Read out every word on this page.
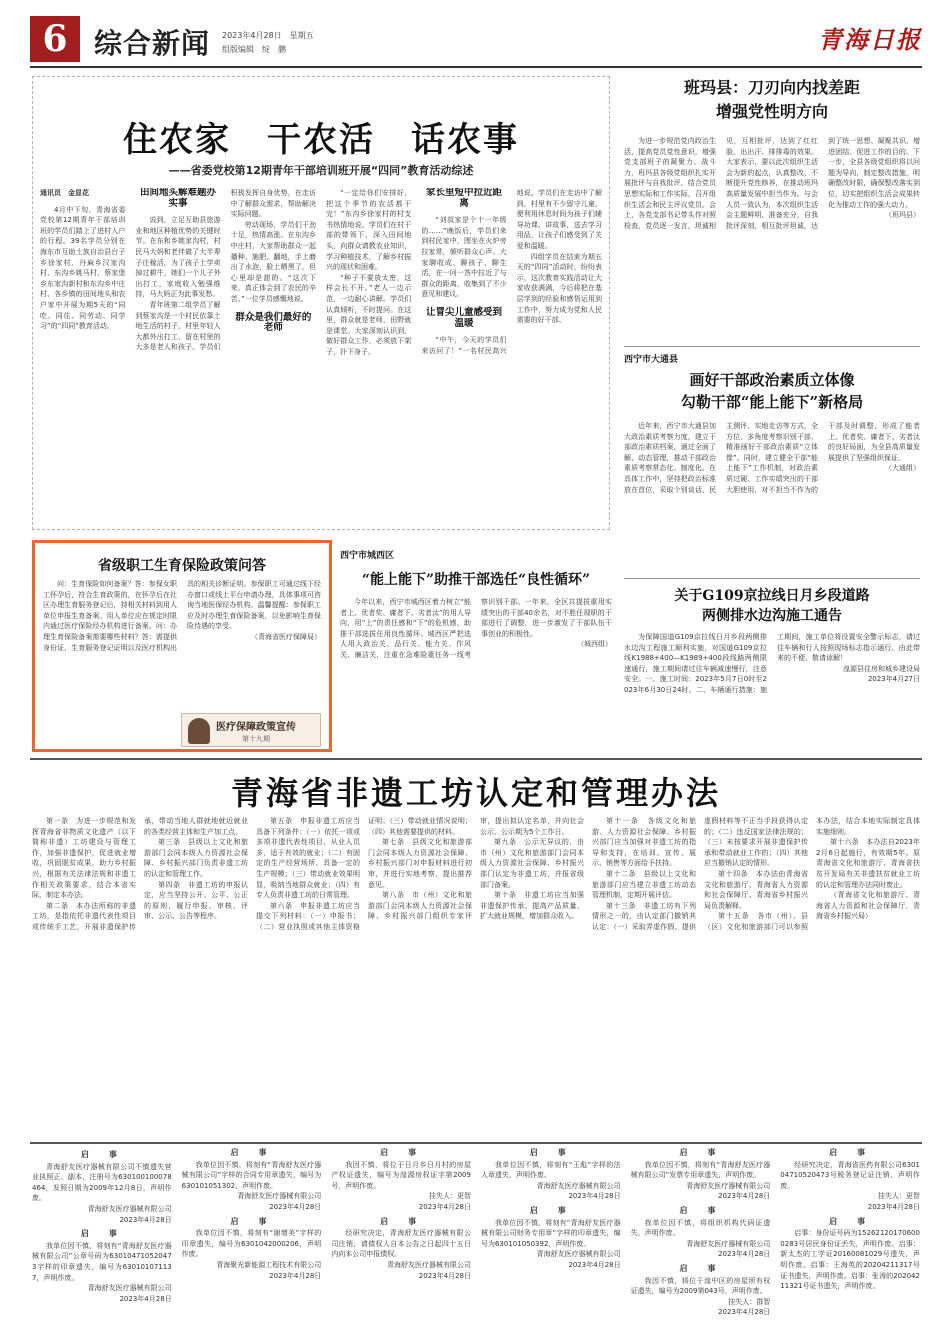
6 综合新闻 2023年4月28日　星期五
组版编辑　绽　鹏	青海日报
住农家　干农活　话农事
——省委党校第12期青年干部培训班开展“四同”教育活动综述
通讯员　金显花

4月中下旬，青海省委党校第12期青年干部培训班的学员们踏上了进村入户的行程。39名学员分别在海东市互助土族自治县台子乡徐家村、丹麻乡汉家沟村、东沟乡姚马村、蔡家堡乡东家沟新村和东沟乡中庄村、各乡镇的田间地头和农户家中开展为期5天的“同吃、同住、同劳动、同学习”的“四同”教育活动。

田间地头解难题办实事

说到，立足互助县旅游业和地区种植优势的关键时节。在东和乡姚家沟村，村民马大妈和老伴做了大半辈子庄稼活，为了孩子上学卖掉过耕牛，她们一个儿子外出打工，家庭收入勉强维持，马大妈正为此事发愁。

青年班第二组学员了解到蔡家沟是一个村民依靠土地生活的村子，村里年轻人大都外出打工，留在村里的大多是老人和孩子。学员们积极发挥自身优势，在走访中了解群众需求，帮助解决实际问题。

劳动现场，学员们干劲十足，热情高涨。在东沟乡中庄村，大家帮助群众一起播种、施肥、翻地，手上磨出了水泡，脸上晒黑了，但心里却是甜的。“这次下来，真正体会到了农民的辛苦。”一位学员感慨地说。

群众是我们最好的老师

“一定给你们安排好，把这个季节的农活都干完！”东沟乡徐家村的村支书热情地说。学员们在村干部的带领下，深入田间地头，向群众请教农业知识，学习种植技术，了解乡村振兴的现状和困难。

“种子不要放太密，这样会长不开。”老人一边示范，一边耐心讲解。学员们认真倾听，不时提问。在这里，群众就是老师，田野就是课堂。大家深刻认识到，做好群众工作，必须放下架子，扑下身子。

家长里短中拉近距离

“刘叔家是个十一年级的……”晚饭后，学员们来到村民家中，围坐在火炉旁拉家常，倾听群众心声。大家聊收成、聊孩子、聊生活，在一问一答中拉近了与群众的距离，收集到了不少意见和建议。

让冒尖儿童感受到温暖

“中午，今天的学员们来访问了！”一名村民高兴地说。学员们在走访中了解到，村里有不少留守儿童，便利用休息时间为孩子们辅导功课、讲故事，送去学习用品，让孩子们感受到了关爱和温暖。

四组学员在结束为期五天的“四同”活动时，纷纷表示，这次教育实践活动让大家收获满满，今后将把在基层学到的经验和感悟运用到工作中，努力成为党和人民需要的好干部。

班玛县：刀刃向内找差距
增强党性明方向

为进一步规范党内政治生活，提高党员党性意识，增强党支部班子的凝聚力、战斗力，班玛县各级党组织扎实开展批评与自我批评，结合党员思想实际和工作实际，召开组织生活会和民主评议党员。会上，各党支部书记带头作对照检查，党员逐一发言，坦诚相见，互相批评，达到了红红脸、出出汗、排排毒的效果。大家表示，要以此次组织生活会为新的起点，认真整改，不断提升党性修养，在推动班玛高质量发展中担当作为。与会人员一致认为，本次组织生活会主题鲜明、准备充分，自我批评深刻，相互批评坦诚，达到了统一思想、凝聚共识、增进团结、促进工作的目的。下一步，全县各级党组织将以问题为导向，制定整改措施，明确整改时限，确保整改落实到位，切实把组织生活会成果转化为推动工作的强大动力。

（班玛县）
西宁市大通县
画好干部政治素质立体像
勾勒干部“能上能下”新格局

近年来，西宁市大通县加大政治素质考察力度，建立干部政治素质档案，通过全面了解、动态管理，推动干部政治素质考察常态化、制度化。在具体工作中，坚持把政治标准放在首位，采取个别谈话、民主测评、实地走访等方式，全方位、多角度考察识别干部，精准画好干部政治素质“立体像”。同时，建立健全干部“能上能下”工作机制，对政治素质过硬、工作实绩突出的干部大胆使用，对不担当不作为的干部及时调整，形成了能者上、优者奖、庸者下、劣者汰的良好局面，为全县高质量发展提供了坚强组织保证。

（大通组）
关于G109京拉线日月乡段道路
两侧排水边沟施工通告

为保障国道G109京拉线日月乡段两侧排水边沟工程施工顺利实施，对国道G109京拉线K1988+400—K1989+400段线路两侧限速通行，施工期间请过往车辆减速慢行，注意安全。一、施工时间：2023年5月7日0时至2023年6月30日24时。二、车辆通行措施：施工期间，施工单位将设置安全警示标志，请过往车辆和行人按照现场标志指示通行。由此带来的不便，敬请谅解！

湟源县住房和城乡建设局
2023年4月27日
省级职工生育保险政策问答

问：生育保险如何备案？答：参保女职工怀孕后，符合生育政策的，在怀孕后在社区办理生育服务登记后，持相关材料到用人单位申报生育备案。用人单位应在规定时限内通过医疗保险经办机构进行备案。问：办理生育保险备案需要哪些材料？答：需提供身份证、生育服务登记证明以及医疗机构出具的相关诊断证明。参保职工可通过线下经办窗口或线上平台申请办理，具体事项可咨询当地医保经办机构。温馨提醒：参保职工应及时办理生育保险备案，以免影响生育保险待遇的享受。

（青海省医疗保障局）
医疗保障政策宣传
第十九期
西宁市城西区
“能上能下”助推干部选任“良性循环”

今年以来，西宁市城西区着力树立“能者上、优者奖、庸者下、劣者汰”的用人导向，用“上”的责任感和“下”的危机感，助推干部选拔任用良性循环。城西区严把选人用人政治关、品行关、能力关、作风关、廉洁关，注重在急难险重任务一线考察识别干部。一年来，全区共提拔重用实绩突出的干部40余名，对不胜任现职的干部进行了调整，进一步激发了干部队伍干事创业的积极性。

（城西组）
青海省非遗工坊认定和管理办法

第一条　为进一步规范和发挥青海省非物质文化遗产（以下简称非遗）工坊建设与管理工作，加强非遗保护，促进就业增收，巩固脱贫成果，助力乡村振兴，根据有关法律法规和非遗工作相关政策要求，结合本省实际，制定本办法。

第二条　本办法所称的非遗工坊，是指依托非遗代表性项目或传统手工艺，开展非遗保护传承，带动当地人群就地就近就业的各类经营主体和生产加工点。

第三条　县级以上文化和旅游部门会同本级人力资源社会保障、乡村振兴部门负责非遗工坊的认定和管理工作。

第四条　非遗工坊的申报认定，应当坚持公开、公平、公正的原则，履行申报、审核、评审、公示、公告等程序。

第五条　申报非遗工坊应当具备下列条件：（一）依托一项或多项非遗代表性项目，从业人员多，适于有效的就业；（二）有固定的生产经营场所，具备一定的生产规模；（三）带动就业效果明显，吸纳当地群众就业；（四）有专人负责非遗工坊的日常管理。

第六条　申报非遗工坊应当提交下列材料：（一）申报书；（二）营业执照或其他主体资格证明；（三）带动就业情况说明；（四）其他需要提供的材料。

第七条　县级文化和旅游部门会同本级人力资源社会保障、乡村振兴部门对申报材料进行初审，并进行实地考察，提出推荐意见。

第八条　市（州）文化和旅游部门会同本级人力资源社会保障、乡村振兴部门组织专家评审，提出拟认定名单，并向社会公示，公示期为5个工作日。

第九条　公示无异议的，由市（州）文化和旅游部门会同本级人力资源社会保障、乡村振兴部门认定为非遗工坊，并报省级部门备案。

第十条　非遗工坊应当加强非遗保护传承，提高产品质量，扩大就业规模，增加群众收入。

第十一条　各级文化和旅游、人力资源社会保障、乡村振兴部门应当加强对非遗工坊的指导和支持，在培训、宣传、展示、销售等方面给予扶持。

第十二条　县级以上文化和旅游部门应当建立非遗工坊动态管理机制，定期开展评估。

第十三条　非遗工坊有下列情形之一的，由认定部门撤销其认定：（一）采取弄虚作假、提供虚假材料等不正当手段获得认定的；（二）违反国家法律法规的；（三）未按要求开展非遗保护传承和带动就业工作的；（四）其他应当撤销认定的情形。

第十四条　本办法由青海省文化和旅游厅、青海省人力资源和社会保障厅、青海省乡村振兴局负责解释。

第十五条　各市（州）、县（区）文化和旅游部门可以参照本办法，结合本地实际制定具体实施细则。

第十六条　本办法自2023年2月6日起施行，有效期5年。原青海省文化和旅游厅、青海省扶贫开发局有关非遗扶贫就业工坊的认定和管理办法同时废止。

（青海省文化和旅游厅、青海省人力资源和社会保障厅、青海省乡村振兴局）

启　事

青海舒友医疗器械有限公司不慎遗失营业执照正、副本，注册号为630100100078464，发照日期为2009年12月8日，声明作废。

青海舒友医疗器械有限公司

2023年4月28日

启　事

我单位因不慎，将刻有“青海舒友医疗器械有限公司”公章号码为630104710520473字样的印章遗失，编号为630101071137，声明作废。

青海舒友医疗器械有限公司

2023年4月28日

启　事

我单位因不慎，将刻有“青海舒友医疗器械有限公司”字样的合同专用章遗失，编号为630101051302，声明作废。

青海舒友医疗器械有限公司

2023年4月28日

启　事

我单位因不慎，将刻有“谢增美”字样的印章遗失，编号为6301042000206，声明作废。

青海聚光新能源工程技术有限公司

2023年4月28日

启　事

我因不慎，将位于日月乡日月村的房屋产权证遗失，编号为湟源房权证字第2009号，声明作废。

挂失人：更智

2023年4月28日

启　事

经研究决定，青海舒友医疗器械有限公司注销，请债权人自本公告之日起四十五日内向本公司申报债权。

青海舒友医疗器械有限公司

2023年4月28日

启　事

我单位因不慎，将刻有“王彪”字样的法人章遗失，声明作废。

青海舒友医疗器械有限公司

2023年4月28日

启　事

我单位因不慎，将刻有“青海舒友医疗器械有限公司财务专用章”字样的印章遗失，编号为630101050392，声明作废。

青海舒友医疗器械有限公司

2023年4月28日

启　事

我单位因不慎，将刻有“青海舒友医疗器械有限公司”发票专用章遗失，声明作废。

青海舒友医疗器械有限公司

2023年4月28日

启　事

我单位因不慎，将组织机构代码证遗失，声明作废。

青海舒友医疗器械有限公司

2023年4月28日

启　事

我因不慎，将位于湟中区的房屋所有权证遗失，编号为2009第043号，声明作废。

挂失人：群智

2023年4月28日

启　事

经研究决定，青海省医药有限公司630104710520473号税务登记证注销，声明作废。

挂失人：更智

2023年4月28日

启　事

启事：身份证号码为152621201706000283号居民身份证丢失，声明作废。启事：新太杰的工学证20160081029号遗失，声明作废。启事：王海英的20204211317号证书遗失，声明作废。启事：张涛的20204211321号证书遗失，声明作废。
